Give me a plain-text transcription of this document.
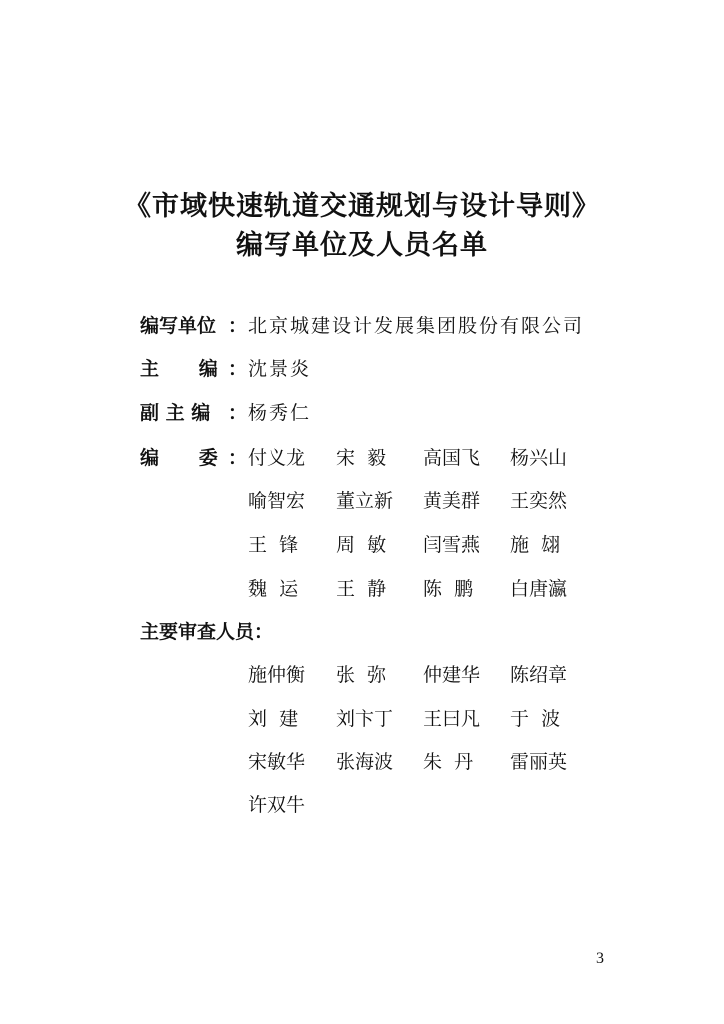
《市域快速轨道交通规划与设计导则》
编写单位及人员名单
编写单位 ： 北京城建设计发展集团股份有限公司
主      编 ： 沈景炎
副 主 编 ： 杨秀仁
编      委 ： 付义龙 宋  毅 高国飞 杨兴山
喻智宏 董立新 黄美群 王奕然
王  锋 周  敏 闫雪燕 施  翃
魏  运 王  静 陈  鹏 白唐瀛
主要审查人员：
施仲衡 张  弥 仲建华 陈绍章
刘  建 刘卞丁 王曰凡 于  波
宋敏华 张海波 朱  丹 雷丽英
许双牛
3
